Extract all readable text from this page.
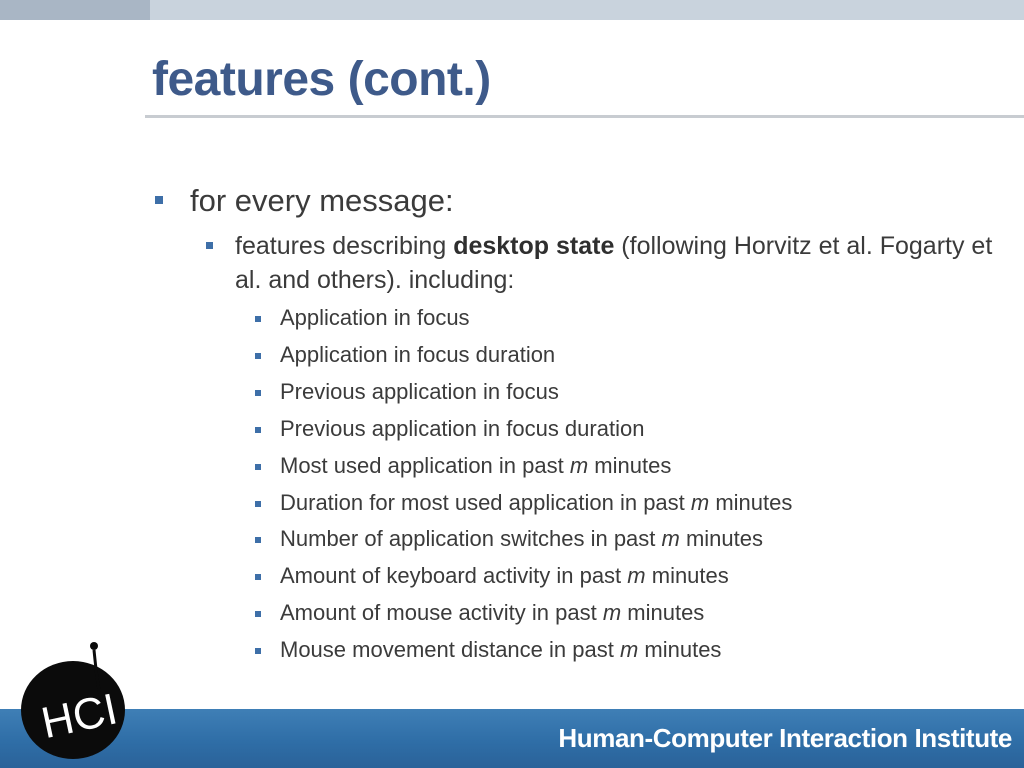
features (cont.)
for every message:
features describing desktop state (following Horvitz et al. Fogarty et al. and others). including:
Application in focus
Application in focus duration
Previous application in focus
Previous application in focus duration
Most used application in past m minutes
Duration for most used application in past m minutes
Number of application switches in past m minutes
Amount of keyboard activity in past m minutes
Amount of mouse activity in past m minutes
Mouse movement distance in past m minutes
Human-Computer Interaction Institute
HCI
